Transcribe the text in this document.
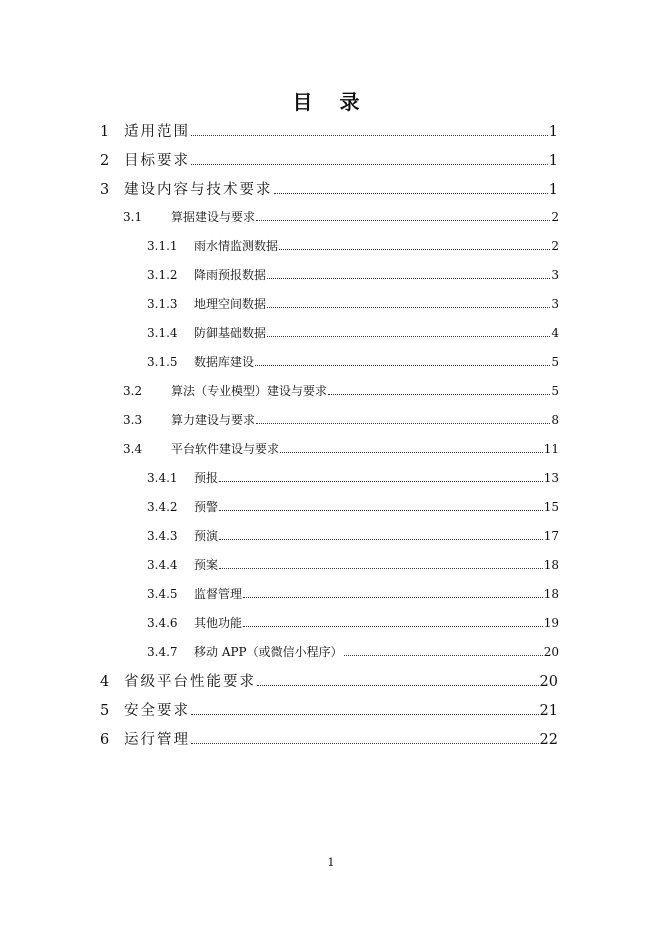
目 录
1	适用范围	1
2	目标要求	1
3	建设内容与技术要求	1
3.1	算据建设与要求	2
3.1.1	雨水情监测数据	2
3.1.2	降雨预报数据	3
3.1.3	地理空间数据	3
3.1.4	防御基础数据	4
3.1.5	数据库建设	5
3.2	算法（专业模型）建设与要求	5
3.3	算力建设与要求	8
3.4	平台软件建设与要求	11
3.4.1	预报	13
3.4.2	预警	15
3.4.3	预演	17
3.4.4	预案	18
3.4.5	监督管理	18
3.4.6	其他功能	19
3.4.7	移动 APP（或微信小程序）	20
4	省级平台性能要求	20
5	安全要求	21
6	运行管理	22
1
